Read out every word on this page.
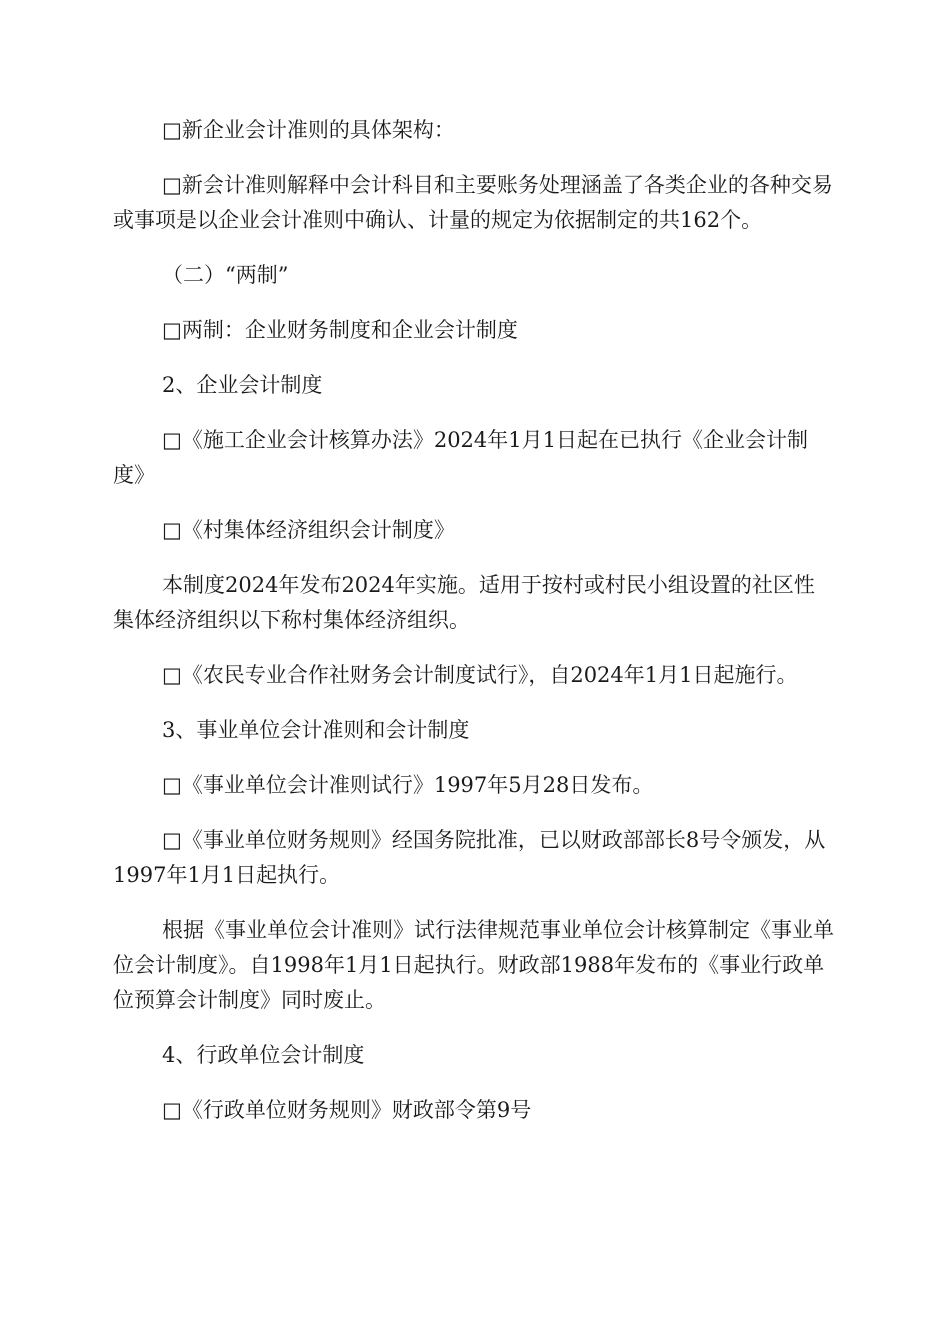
□新企业会计准则的具体架构：

□新会计准则解释中会计科目和主要账务处理涵盖了各类企业的各种交易或事项是以企业会计准则中确认、计量的规定为依据制定的共162个。

（二）“两制”

□两制：企业财务制度和企业会计制度

2、企业会计制度

□《施工企业会计核算办法》2024年1月1日起在已执行《企业会计制度》

□《村集体经济组织会计制度》

本制度2024年发布2024年实施。适用于按村或村民小组设置的社区性集体经济组织以下称村集体经济组织。

□《农民专业合作社财务会计制度试行》，自2024年1月1日起施行。

3、事业单位会计准则和会计制度

□《事业单位会计准则试行》1997年5月28日发布。

□《事业单位财务规则》经国务院批准，已以财政部部长8号令颁发，从1997年1月1日起执行。

根据《事业单位会计准则》试行法律规范事业单位会计核算制定《事业单位会计制度》。自1998年1月1日起执行。财政部1988年发布的《事业行政单位预算会计制度》同时废止。

4、行政单位会计制度

□《行政单位财务规则》财政部令第9号
